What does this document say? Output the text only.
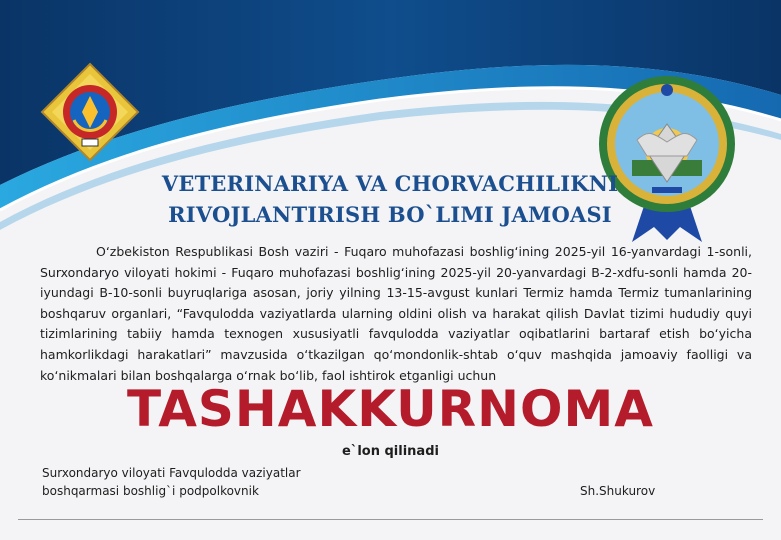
VETERINARIYA VA CHORVACHILIKNI
RIVOJLANTIRISH BO`LIMI JAMOASI
O‘zbekiston Respublikasi Bosh vaziri - Fuqaro muhofazasi boshlig‘ining 2025-yil 16-yanvardagi 1-sonli, Surxondaryo viloyati hokimi - Fuqaro muhofazasi boshlig‘ining 2025-yil 20-yanvardagi B-2-xdfu-sonli hamda 20-iyundagi B-10-sonli buyruqlariga asosan, joriy yilning 13-15-avgust kunlari Termiz hamda Termiz tumanlarining boshqaruv organlari, “Favqulodda vaziyatlarda ularning oldini olish va harakat qilish Davlat tizimi hududiy quyi tizimlarining tabiiy hamda texnogen xususiyatli favqulodda vaziyatlar oqibatlarini bartaraf etish bo‘yicha hamkorlikdagi harakatlari” mavzusida o‘tkazilgan qo‘mondonlik-shtab o‘quv mashqida jamoaviy faolligi va ko‘nikmalari bilan boshqalarga o‘rnak bo‘lib, faol ishtirok etganligi uchun
TASHAKKURNOMA
e`lon qilinadi
Surxondaryo viloyati Favqulodda vaziyatlar
boshqarmasi boshlig`i podpolkovnik	Sh.Shukurov
